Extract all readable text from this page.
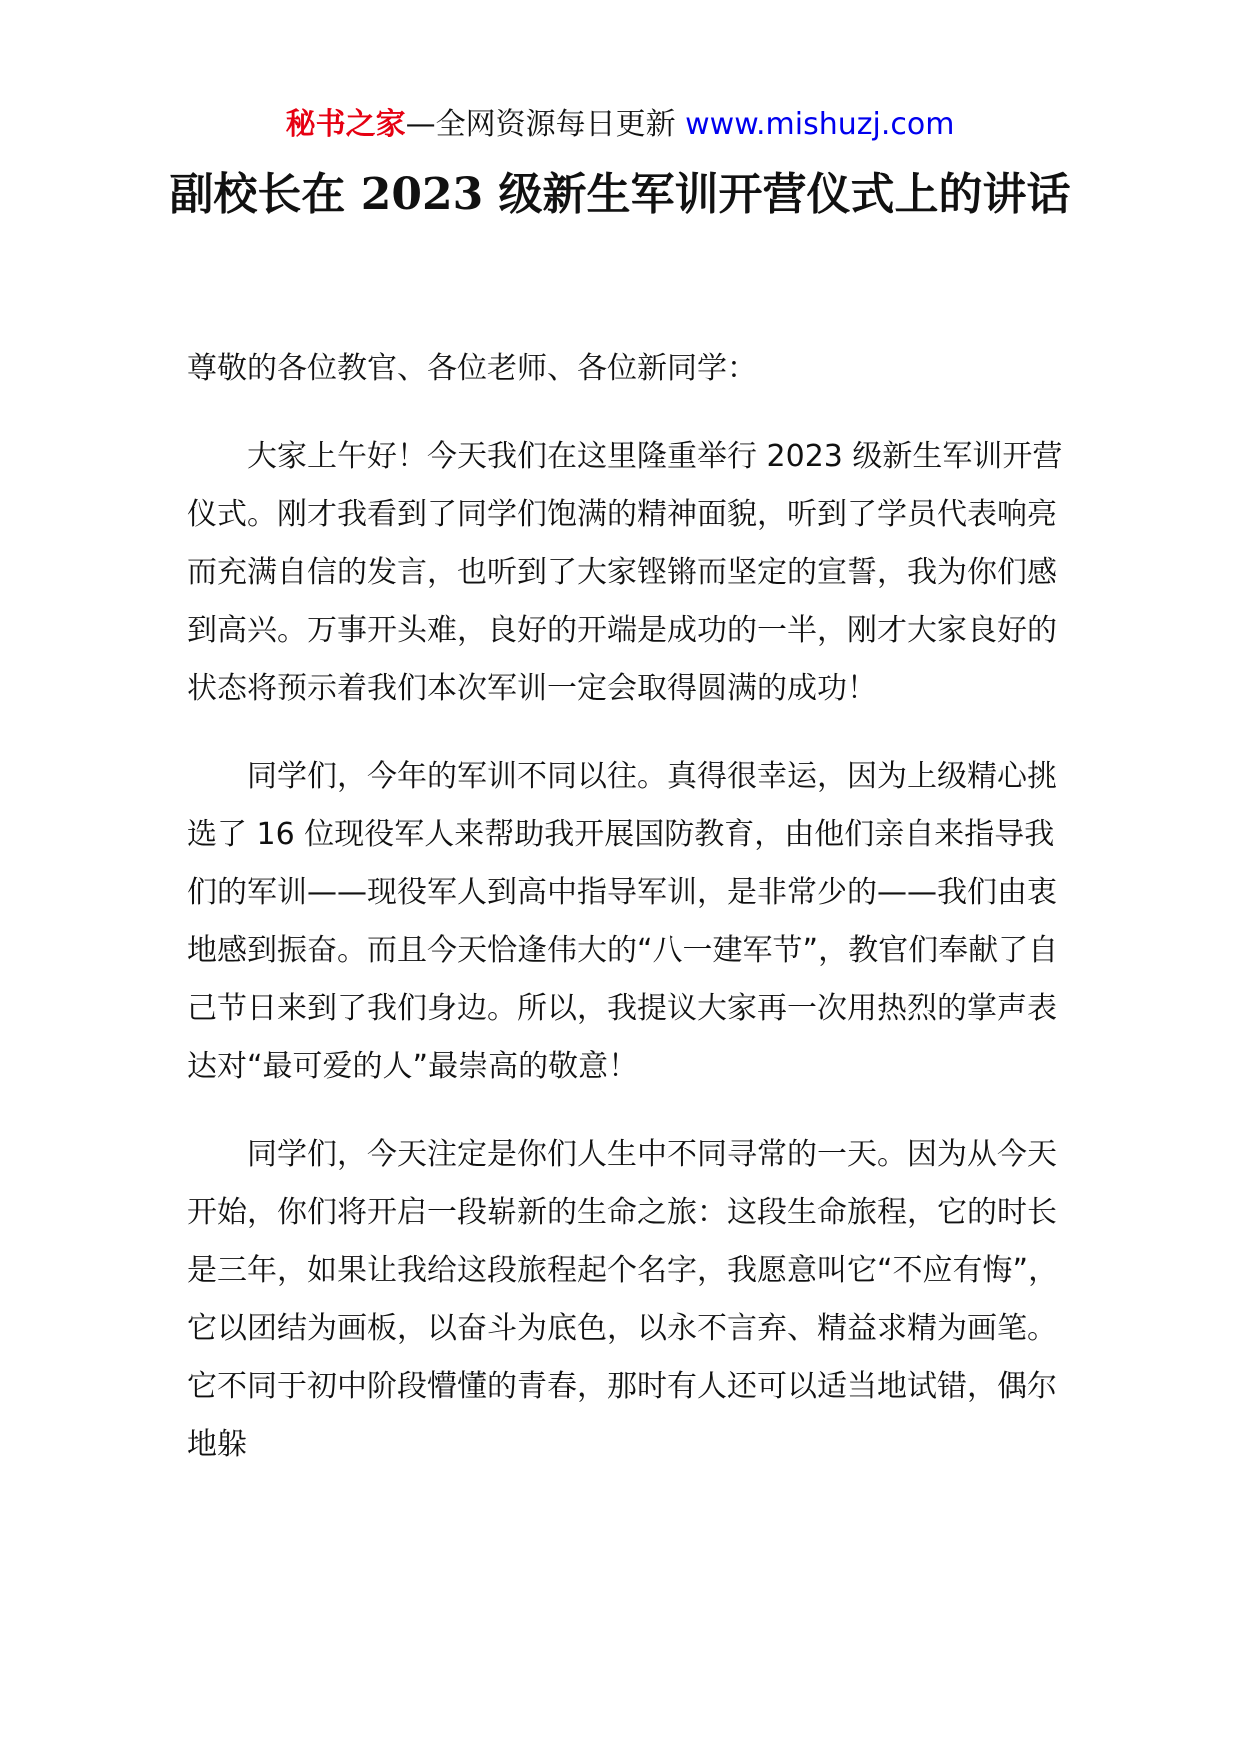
秘书之家—全网资源每日更新 www.mishuzj.com
副校长在 2023 级新生军训开营仪式上的讲话

尊敬的各位教官、各位老师、各位新同学：

大家上午好！今天我们在这里隆重举行 2023 级新生军训开营仪式。刚才我看到了同学们饱满的精神面貌，听到了学员代表响亮而充满自信的发言，也听到了大家铿锵而坚定的宣誓，我为你们感到高兴。万事开头难，良好的开端是成功的一半，刚才大家良好的状态将预示着我们本次军训一定会取得圆满的成功！

同学们，今年的军训不同以往。真得很幸运，因为上级精心挑选了 16 位现役军人来帮助我开展国防教育，由他们亲自来指导我们的军训——现役军人到高中指导军训，是非常少的——我们由衷地感到振奋。而且今天恰逢伟大的“八一建军节”，教官们奉献了自己节日来到了我们身边。所以，我提议大家再一次用热烈的掌声表达对“最可爱的人”最崇高的敬意！

同学们，今天注定是你们人生中不同寻常的一天。因为从今天开始，你们将开启一段崭新的生命之旅：这段生命旅程，它的时长是三年，如果让我给这段旅程起个名字，我愿意叫它“不应有悔”，它以团结为画板，以奋斗为底色，以永不言弃、精益求精为画笔。它不同于初中阶段懵懂的青春，那时有人还可以适当地试错，偶尔地躲
